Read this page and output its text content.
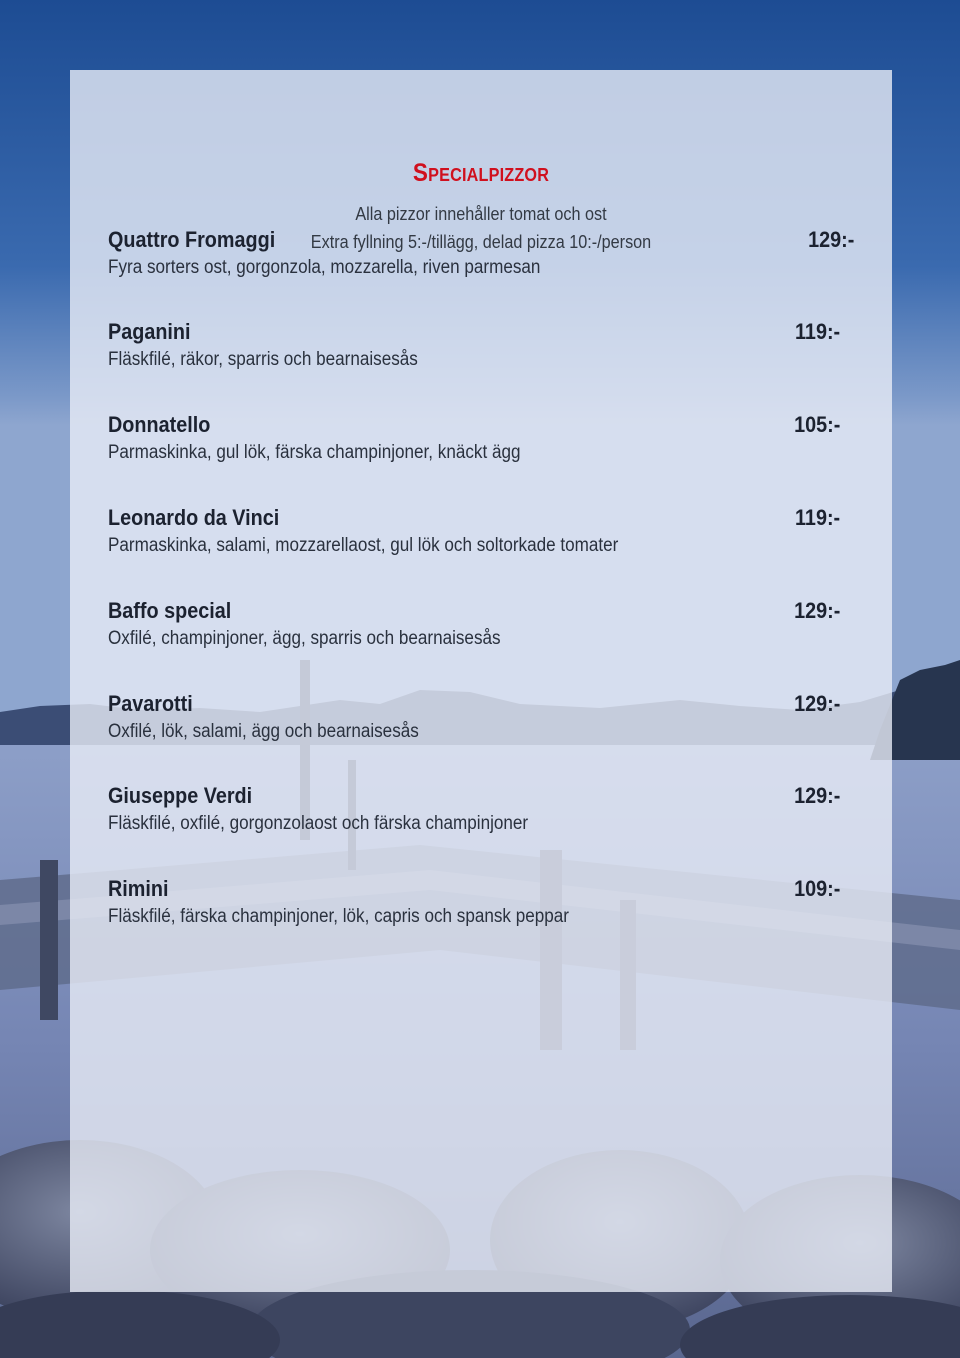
Specialpizzor
Alla pizzor innehåller tomat och ost
Extra fyllning 5:-/tillägg, delad pizza 10:-/person
Quattro Fromaggi	129:-
Fyra sorters ost, gorgonzola, mozzarella, riven parmesan
Paganini	119:-
Fläskfilé, räkor, sparris och bearnaisesås
Donnatello	105:-
Parmaskinka, gul lök, färska champinjoner, knäckt ägg
Leonardo da Vinci	119:-
Parmaskinka, salami, mozzarellaost, gul lök och soltorkade tomater
Baffo special	129:-
Oxfilé, champinjoner, ägg, sparris och bearnaisesås
Pavarotti	129:-
Oxfilé, lök, salami, ägg och bearnaisesås
Giuseppe Verdi	129:-
Fläskfilé, oxfilé, gorgonzolaost och färska champinjoner
Rimini	109:-
Fläskfilé, färska champinjoner, lök, capris och spansk peppar
